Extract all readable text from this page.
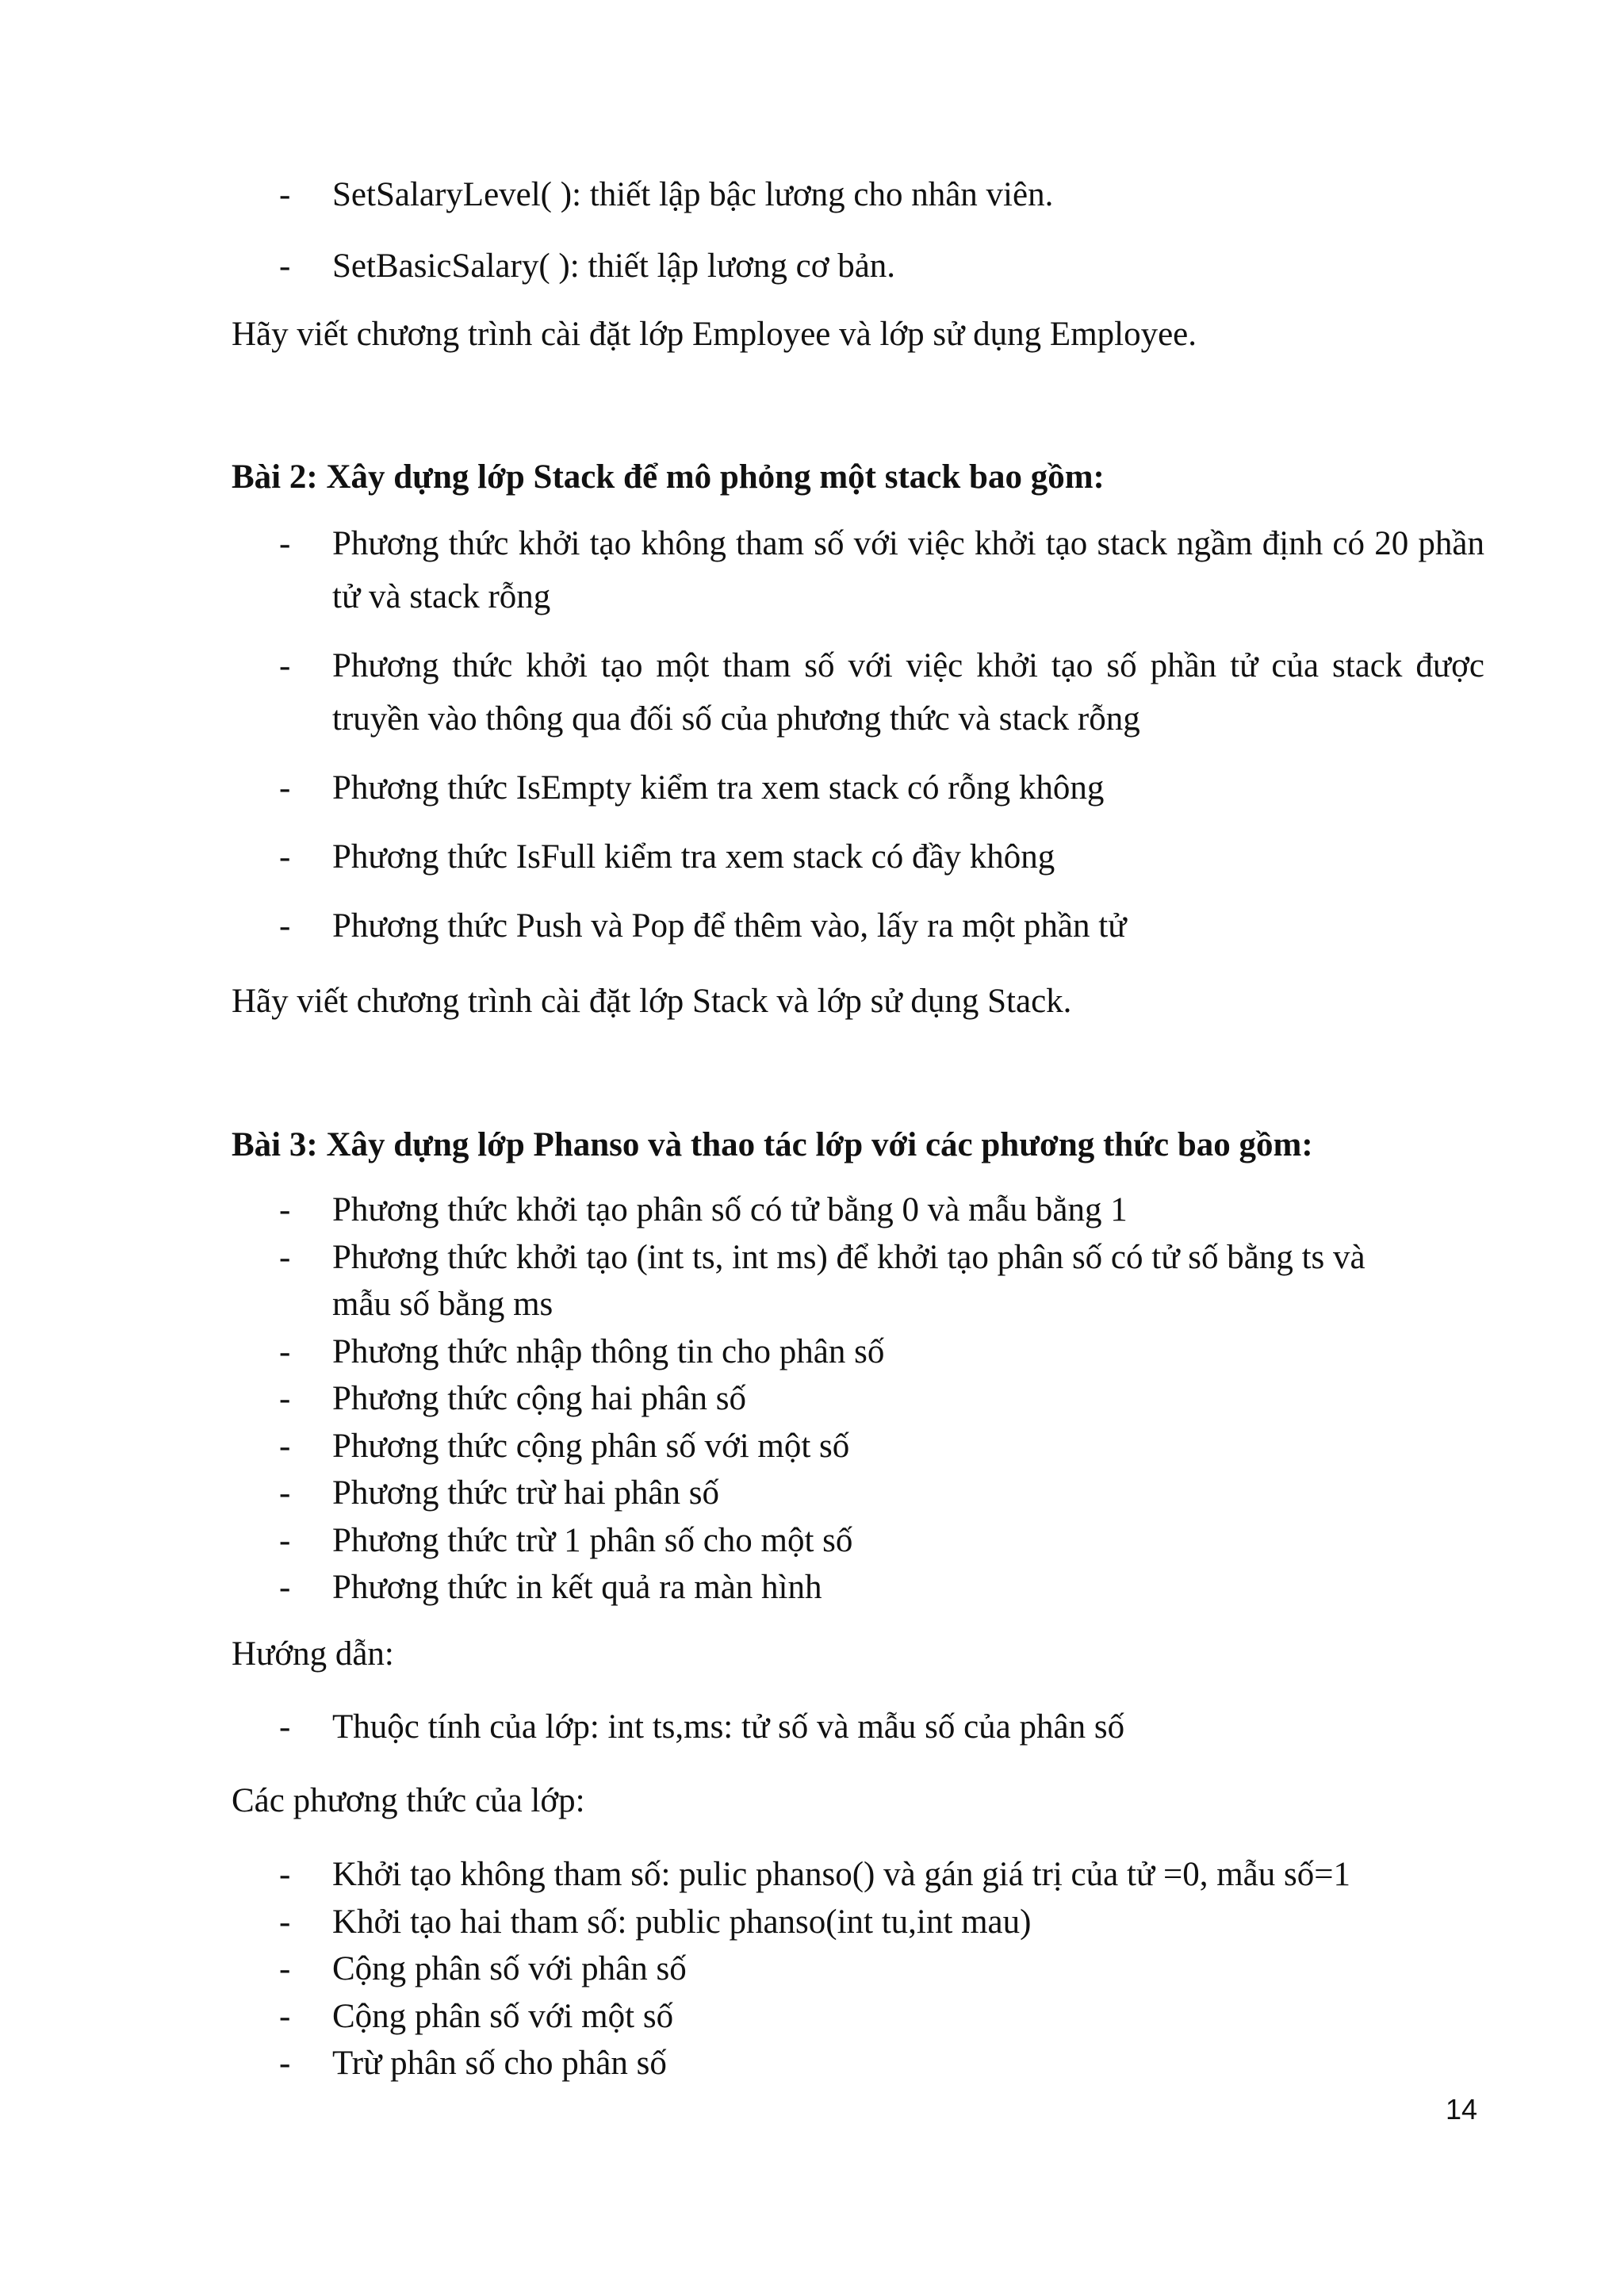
- SetSalaryLevel( ): thiết lập bậc lương cho nhân viên.
- SetBasicSalary( ): thiết lập lương cơ bản.

Hãy viết chương trình cài đặt lớp Employee và lớp sử dụng Employee.

Bài 2: Xây dựng lớp Stack để mô phỏng một stack bao gồm:

- Phương thức khởi tạo không tham số với việc khởi tạo stack ngầm định có 20 phần tử và stack rỗng
- Phương thức khởi tạo một tham số với việc khởi tạo số phần tử của stack được truyền vào thông qua đối số của phương thức và stack rỗng
- Phương thức IsEmpty kiểm tra xem stack có rỗng không
- Phương thức IsFull kiểm tra xem stack có đầy không
- Phương thức Push và Pop để thêm vào, lấy ra một phần tử

Hãy viết chương trình cài đặt lớp Stack và lớp sử dụng Stack.

Bài 3: Xây dựng lớp Phanso và thao tác lớp với các phương thức bao gồm:

- Phương thức khởi tạo phân số có tử bằng 0 và mẫu bằng 1
- Phương thức khởi tạo (int ts, int ms) để khởi tạo phân số có tử số bằng ts và mẫu số bằng ms
- Phương thức nhập thông tin cho phân số
- Phương thức cộng hai phân số
- Phương thức cộng phân số với một số
- Phương thức trừ hai phân số
- Phương thức trừ 1 phân số cho một số
- Phương thức in kết quả ra màn hình

Hướng dẫn:

- Thuộc tính của lớp: int ts,ms: tử số và mẫu số của phân số

Các phương thức của lớp:

- Khởi tạo không tham số: pulic phanso() và gán giá trị của tử =0, mẫu số=1
- Khởi tạo hai tham số: public phanso(int tu,int mau)
- Cộng phân số với phân số
- Cộng phân số với một số
- Trừ phân số cho phân số
14
